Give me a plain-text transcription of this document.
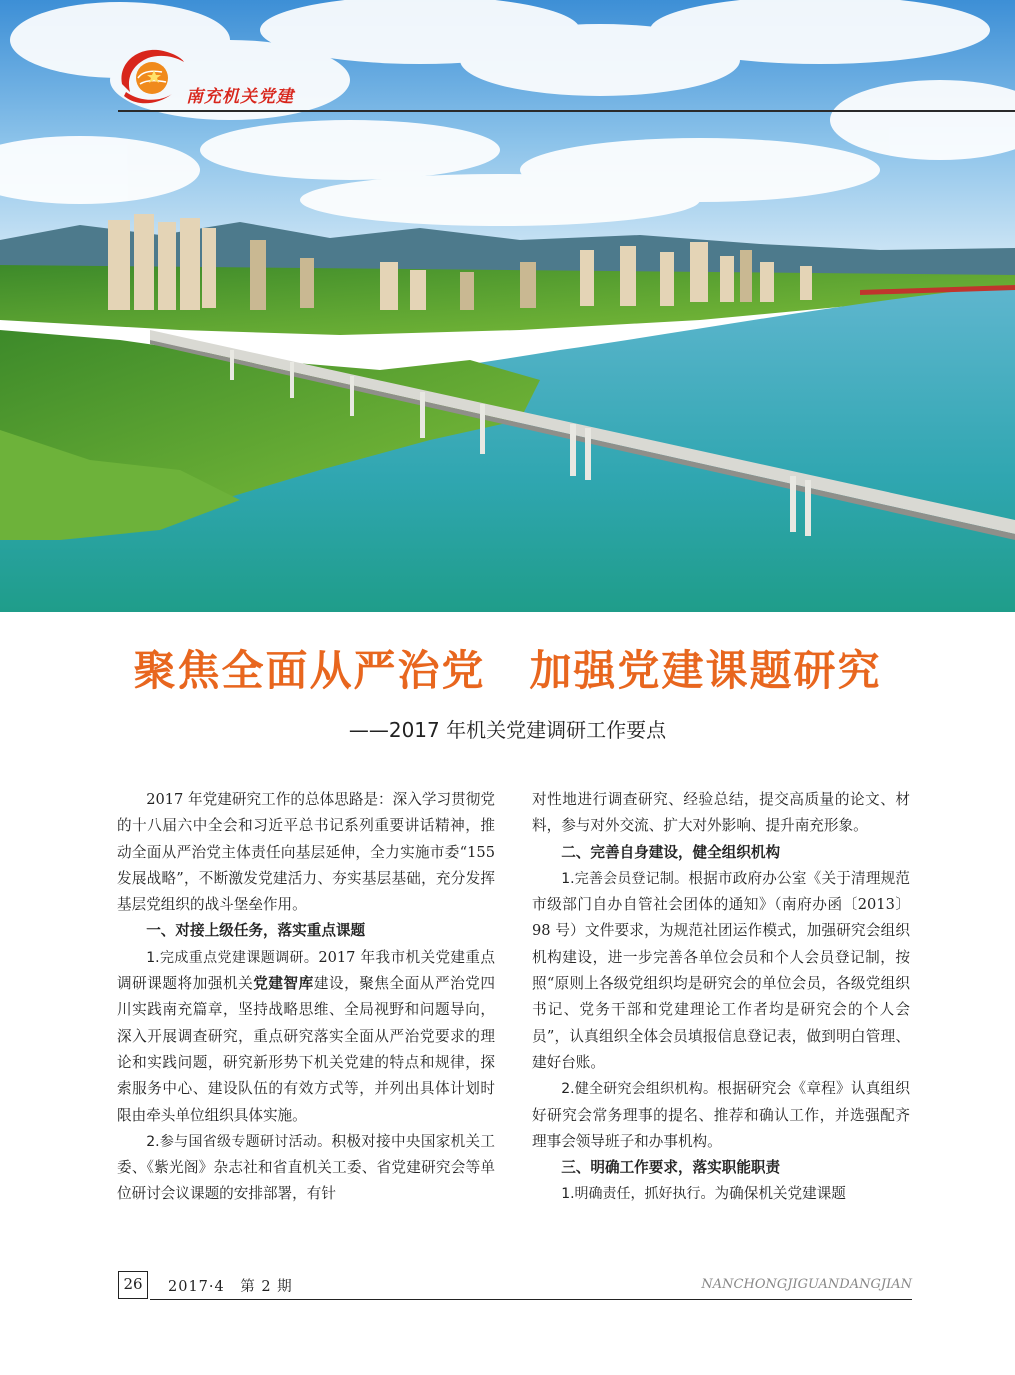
南充机关党建
聚焦全面从严治党　加强党建课题研究
——2017 年机关党建调研工作要点

2017 年党建研究工作的总体思路是：深入学习贯彻党的十八届六中全会和习近平总书记系列重要讲话精神，推动全面从严治党主体责任向基层延伸，全力实施市委“155 发展战略”，不断激发党建活力、夯实基层基础，充分发挥基层党组织的战斗堡垒作用。

一、对接上级任务，落实重点课题

1.完成重点党建课题调研。2017 年我市机关党建重点调研课题将加强机关党建智库建设，聚焦全面从严治党四川实践南充篇章，坚持战略思维、全局视野和问题导向，深入开展调查研究，重点研究落实全面从严治党要求的理论和实践问题，研究新形势下机关党建的特点和规律，探索服务中心、建设队伍的有效方式等，并列出具体计划时限由牵头单位组织具体实施。

2.参与国省级专题研讨活动。积极对接中央国家机关工委、《紫光阁》杂志社和省直机关工委、省党建研究会等单位研讨会议课题的安排部署，有针

对性地进行调查研究、经验总结，提交高质量的论文、材料，参与对外交流、扩大对外影响、提升南充形象。

二、完善自身建设，健全组织机构

1.完善会员登记制。根据市政府办公室《关于清理规范市级部门自办自管社会团体的通知》（南府办函〔2013〕98 号）文件要求，为规范社团运作模式，加强研究会组织机构建设，进一步完善各单位会员和个人会员登记制，按照“原则上各级党组织均是研究会的单位会员，各级党组织书记、党务干部和党建理论工作者均是研究会的个人会员”，认真组织全体会员填报信息登记表，做到明白管理、建好台账。

2.健全研究会组织机构。根据研究会《章程》认真组织好研究会常务理事的提名、推荐和确认工作，并选强配齐理事会领导班子和办事机构。

三、明确工作要求，落实职能职责

1.明确责任，抓好执行。为确保机关党建课题

26	2017·4　第 2 期	NANCHONGJIGUANDANGJIAN
